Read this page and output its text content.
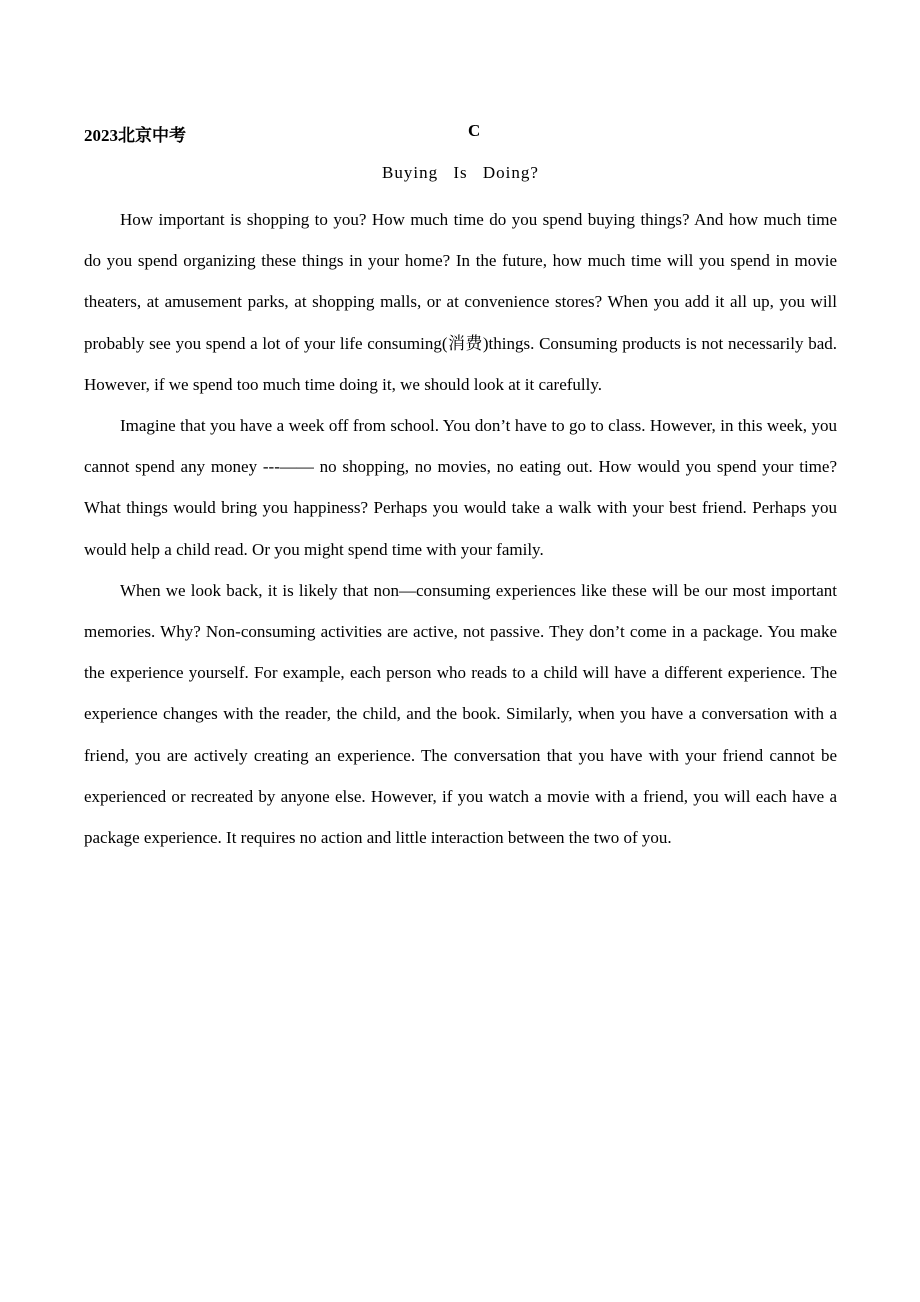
2023北京中考	C
Buying Is Doing?

How important is shopping to you? How much time do you spend buying things? And how much time do you spend organizing these things in your home? In the future, how much time will you spend in movie theaters, at amusement parks, at shopping malls, or at convenience stores? When you add it all up, you will probably see you spend a lot of your life consuming(消费)things. Consuming products is not necessarily bad. However, if we spend too much time doing it, we should look at it carefully.

Imagine that you have a week off from school. You don’t have to go to class. However, in this week, you cannot spend any money ---—— no shopping, no movies, no eating out. How would you spend your time? What things would bring you happiness? Perhaps you would take a walk with your best friend. Perhaps you would help a child read. Or you might spend time with your family.

When we look back, it is likely that non—consuming experiences like these will be our most important memories. Why? Non-consuming activities are active, not passive. They don’t come in a package. You make the experience yourself. For example, each person who reads to a child will have a different experience. The experience changes with the reader, the child, and the book. Similarly, when you have a conversation with a friend, you are actively creating an experience. The conversation that you have with your friend cannot be experienced or recreated by anyone else. However, if you watch a movie with a friend, you will each have a package experience. It requires no action and little interaction between the two of you.
